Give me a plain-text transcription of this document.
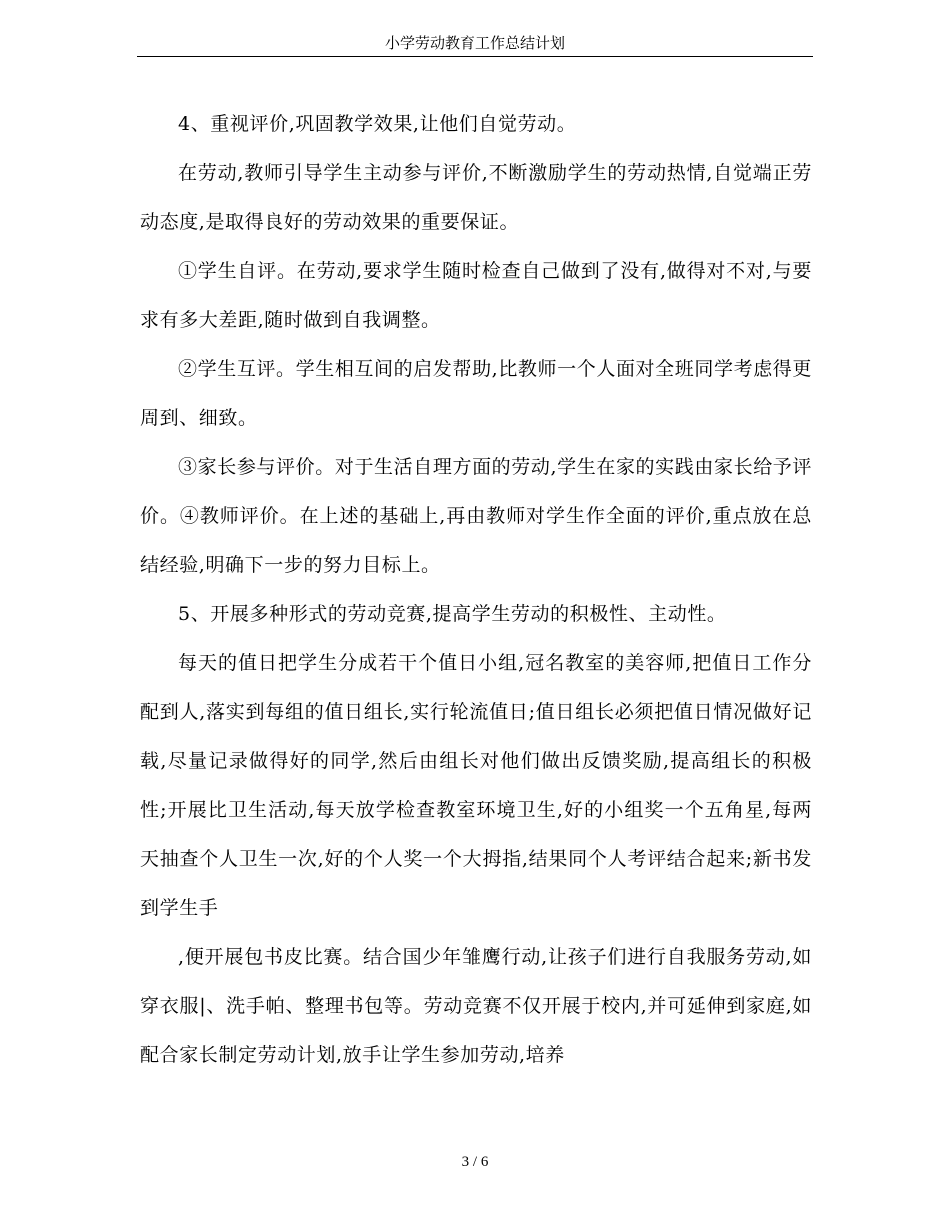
小学劳动教育工作总结计划

4、重视评价,巩固教学效果,让他们自觉劳动。

在劳动,教师引导学生主动参与评价,不断激励学生的劳动热情,自觉端正劳动态度,是取得良好的劳动效果的重要保证。

①学生自评。在劳动,要求学生随时检查自己做到了没有,做得对不对,与要求有多大差距,随时做到自我调整。

②学生互评。学生相互间的启发帮助,比教师一个人面对全班同学考虑得更周到、细致。

③家长参与评价。对于生活自理方面的劳动,学生在家的实践由家长给予评价。④教师评价。在上述的基础上,再由教师对学生作全面的评价,重点放在总结经验,明确下一步的努力目标上。

5、开展多种形式的劳动竞赛,提高学生劳动的积极性、主动性。

每天的值日把学生分成若干个值日小组,冠名教室的美容师,把值日工作分配到人,落实到每组的值日组长,实行轮流值日;值日组长必须把值日情况做好记载,尽量记录做得好的同学,然后由组长对他们做出反馈奖励,提高组长的积极性;开展比卫生活动,每天放学检查教室环境卫生,好的小组奖一个五角星,每两天抽查个人卫生一次,好的个人奖一个大拇指,结果同个人考评结合起来;新书发到学生手

,便开展包书皮比赛。结合国少年雏鹰行动,让孩子们进行自我服务劳动,如穿衣服|、洗手帕、整理书包等。劳动竞赛不仅开展于校内,并可延伸到家庭,如配合家长制定劳动计划,放手让学生参加劳动,培养

3 / 6
